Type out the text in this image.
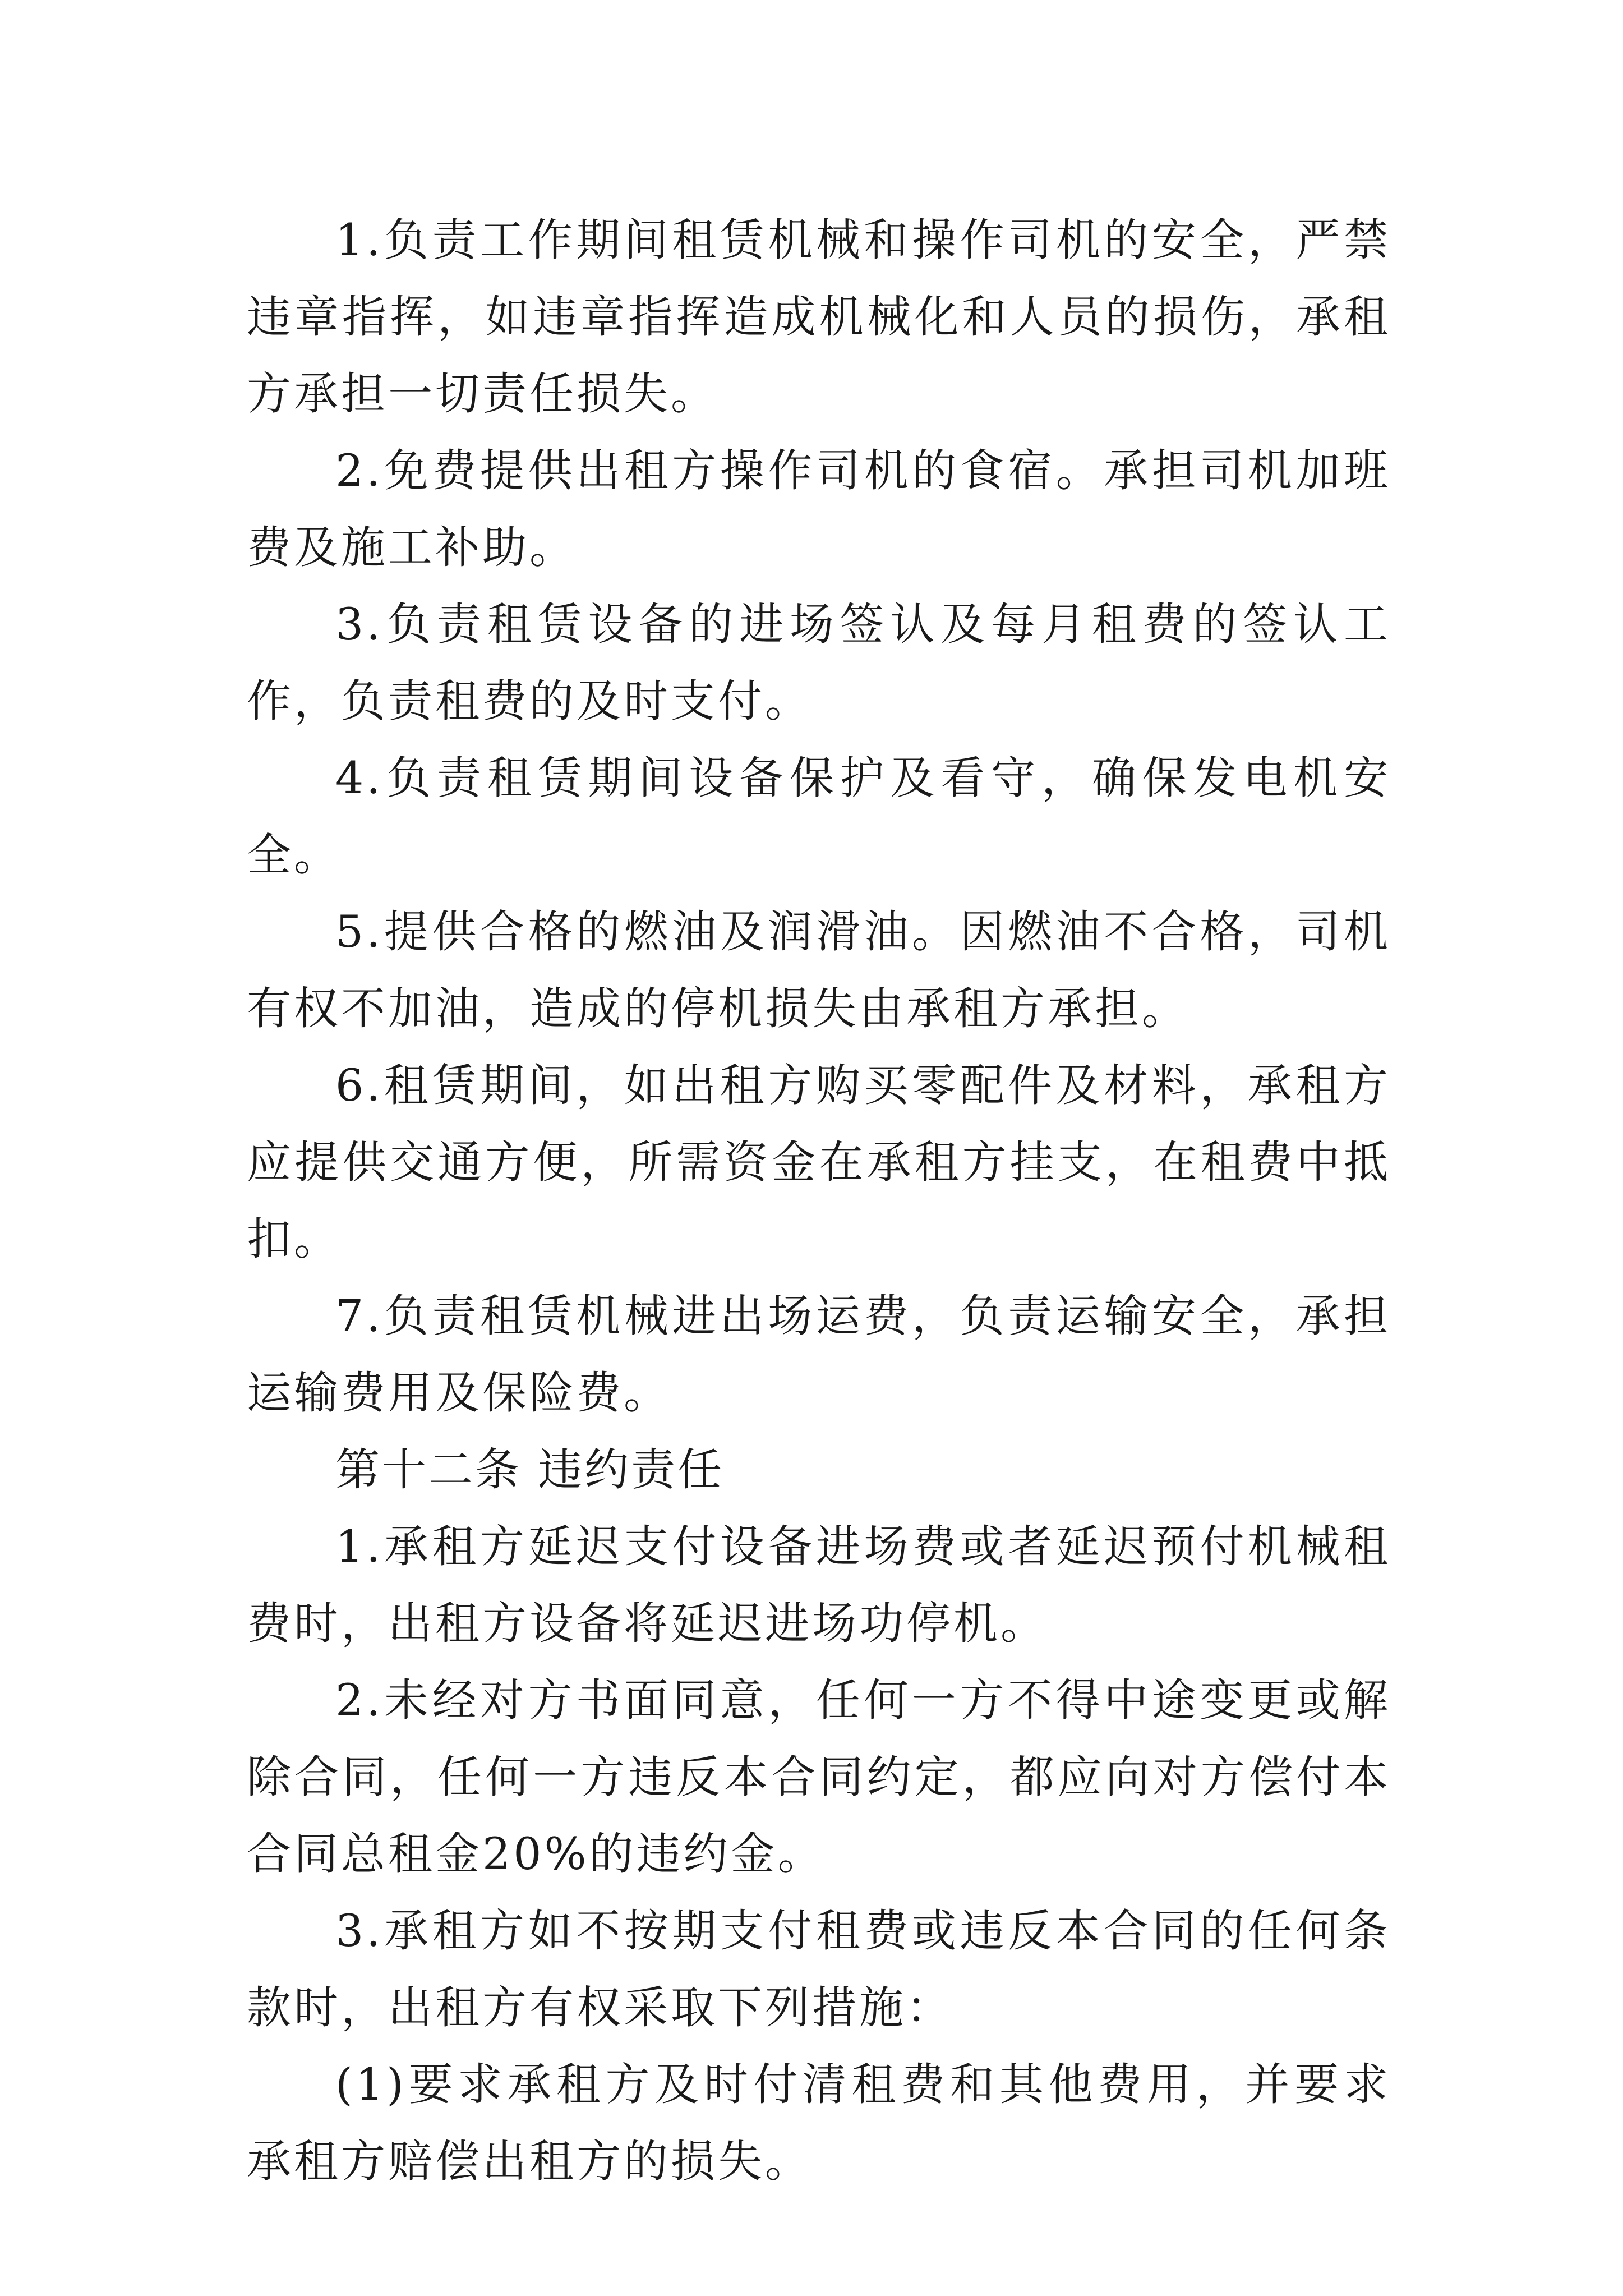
1.负责工作期间租赁机械和操作司机的安全，严禁违章指挥，如违章指挥造成机械化和人员的损伤，承租方承担一切责任损失。

2.免费提供出租方操作司机的食宿。承担司机加班费及施工补助。

3.负责租赁设备的进场签认及每月租费的签认工作，负责租费的及时支付。

4.负责租赁期间设备保护及看守，确保发电机安全。

5.提供合格的燃油及润滑油。因燃油不合格，司机有权不加油，造成的停机损失由承租方承担。

6.租赁期间，如出租方购买零配件及材料，承租方应提供交通方便，所需资金在承租方挂支，在租费中抵扣。

7.负责租赁机械进出场运费，负责运输安全，承担运输费用及保险费。

第十二条 违约责任

1.承租方延迟支付设备进场费或者延迟预付机械租费时，出租方设备将延迟进场功停机。

2.未经对方书面同意，任何一方不得中途变更或解除合同，任何一方违反本合同约定，都应向对方偿付本合同总租金20%的违约金。

3.承租方如不按期支付租费或违反本合同的任何条款时，出租方有权采取下列措施：

(1)要求承租方及时付清租费和其他费用，并要求承租方赔偿出租方的损失。
